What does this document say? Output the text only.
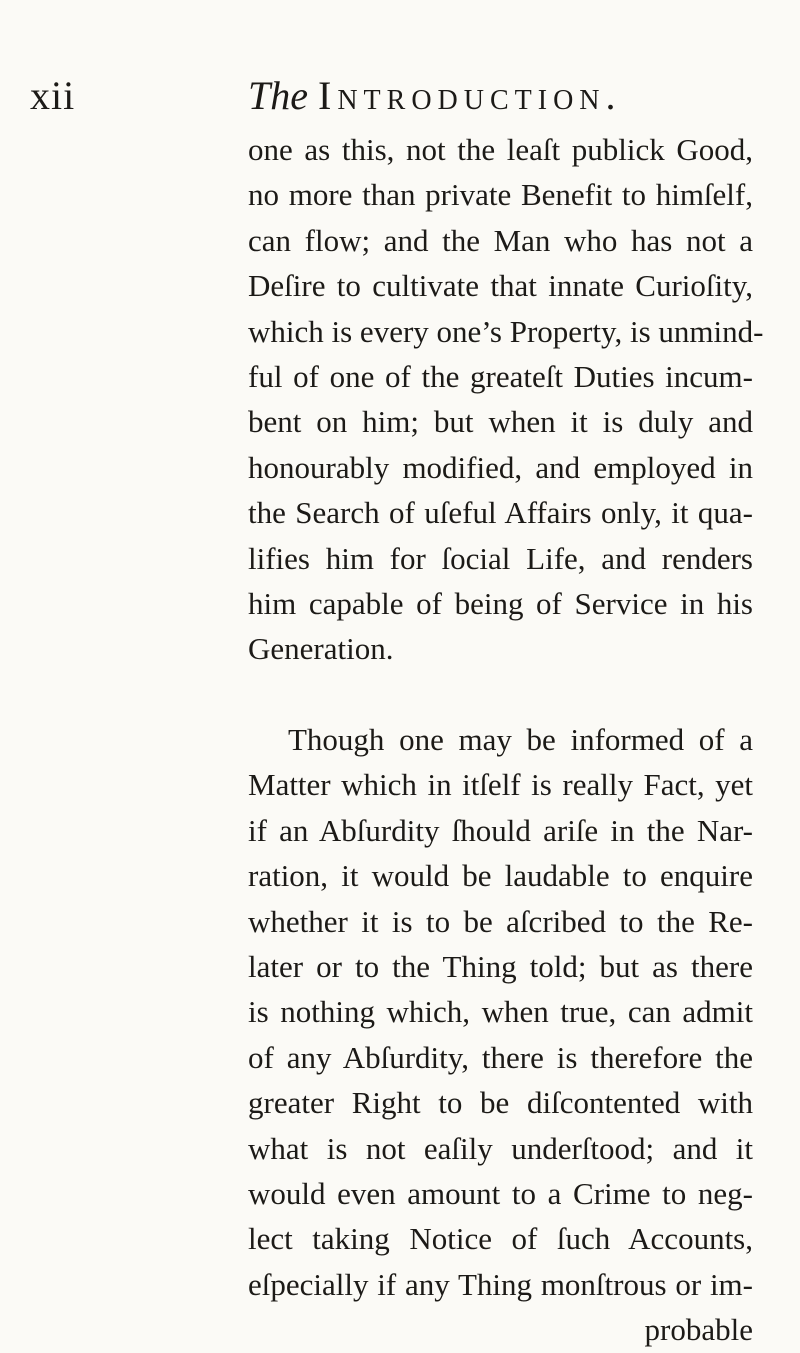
xii	The Introduction.
one as this, not the leaſt publick Good,
no more than private Benefit to himſelf,
can flow; and the Man who has not a
Deſire to cultivate that innate Curioſity,
which is every one’s Property, is unmind-
ful of one of the greateſt Duties incum-
bent on him; but when it is duly and
honourably modified, and employed in
the Search of uſeful Affairs only, it qua-
lifies him for ſocial Life, and renders
him capable of being of Service in his
Generation.
Though one may be informed of a
Matter which in itſelf is really Fact, yet
if an Abſurdity ſhould ariſe in the Nar-
ration, it would be laudable to enquire
whether it is to be aſcribed to the Re-
later or to the Thing told; but as there
is nothing which, when true, can admit
of any Abſurdity, there is therefore the
greater Right to be diſcontented with
what is not eaſily underſtood; and it
would even amount to a Crime to neg-
lect taking Notice of ſuch Accounts,
eſpecially if any Thing monſtrous or im-
probable
